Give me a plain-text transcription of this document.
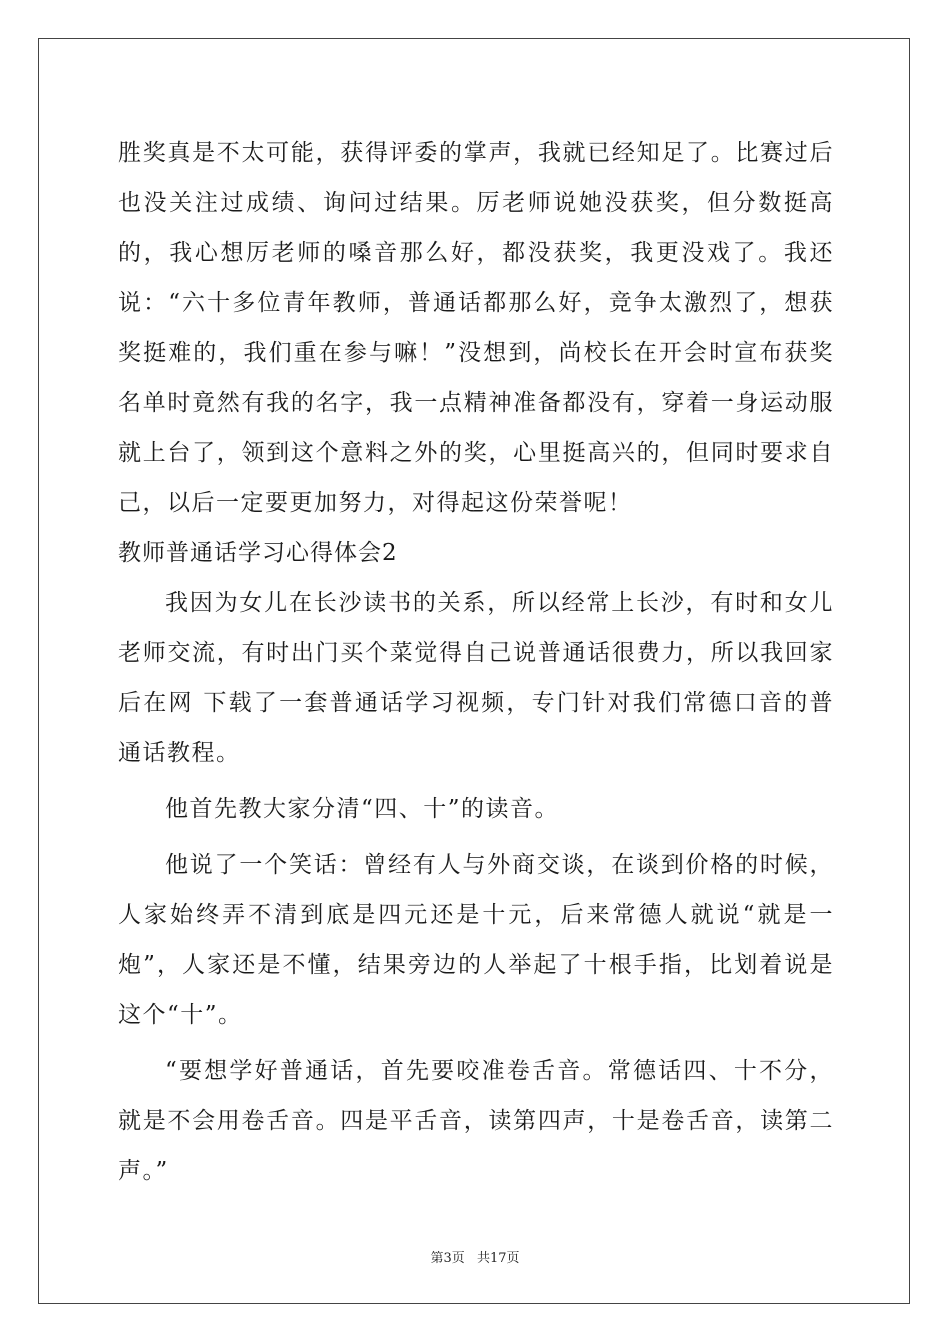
胜奖真是不太可能，获得评委的掌声，我就已经知足了。比赛过后也没关注过成绩、询问过结果。厉老师说她没获奖，但分数挺高的，我心想厉老师的嗓音那么好，都没获奖，我更没戏了。我还说：“六十多位青年教师，普通话都那么好，竞争太激烈了，想获奖挺难的，我们重在参与嘛！”没想到，尚校长在开会时宣布获奖名单时竟然有我的名字，我一点精神准备都没有，穿着一身运动服就上台了，领到这个意料之外的奖，心里挺高兴的，但同时要求自己，以后一定要更加努力，对得起这份荣誉呢！

教师普通话学习心得体会2

我因为女儿在长沙读书的关系，所以经常上长沙，有时和女儿老师交流，有时出门买个菜觉得自己说普通话很费力，所以我回家后在网 下载了一套普通话学习视频，专门针对我们常德口音的普通话教程。

他首先教大家分清“四、十”的读音。

他说了一个笑话：曾经有人与外商交谈，在谈到价格的时候，人家始终弄不清到底是四元还是十元，后来常德人就说“就是一炮”，人家还是不懂，结果旁边的人举起了十根手指，比划着说是这个“十”。

“要想学好普通话，首先要咬准卷舌音。常德话四、十不分，就是不会用卷舌音。四是平舌音，读第四声，十是卷舌音，读第二声。”

第3页 共17页
